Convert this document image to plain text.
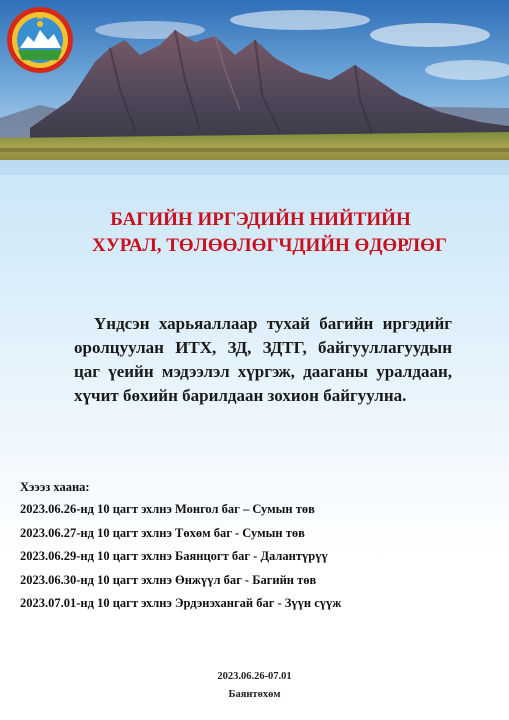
БАГИЙН ИРГЭДИЙН НИЙТИЙН
ХУРАЛ, ТӨЛӨӨЛӨГЧДИЙН ӨДӨРЛӨГ

Үндсэн харьяаллаар тухай багийн иргэдийг оролцуулан ИТХ, ЗД, ЗДТГ, байгууллагуудын цаг үеийн мэдээлэл хүргэж, дааганы уралдаан, хүчит бөхийн барилдаан зохион байгуулна.

Хэээз хаана:
2023.06.26-нд 10 цагт эхлнэ Монгол баг – Сумын төв
2023.06.27-нд 10 цагт эхлнэ Төхөм баг - Сумын төв
2023.06.29-нд 10 цагт эхлнэ Баянцогт баг - Далантүрүү
2023.06.30-нд 10 цагт эхлнэ Өнжүүл баг - Багийн төв
2023.07.01-нд 10 цагт эхлнэ Эрдэнэхангай баг - Зүүн сүүж
2023.06.26-07.01
Баянтөхөм
